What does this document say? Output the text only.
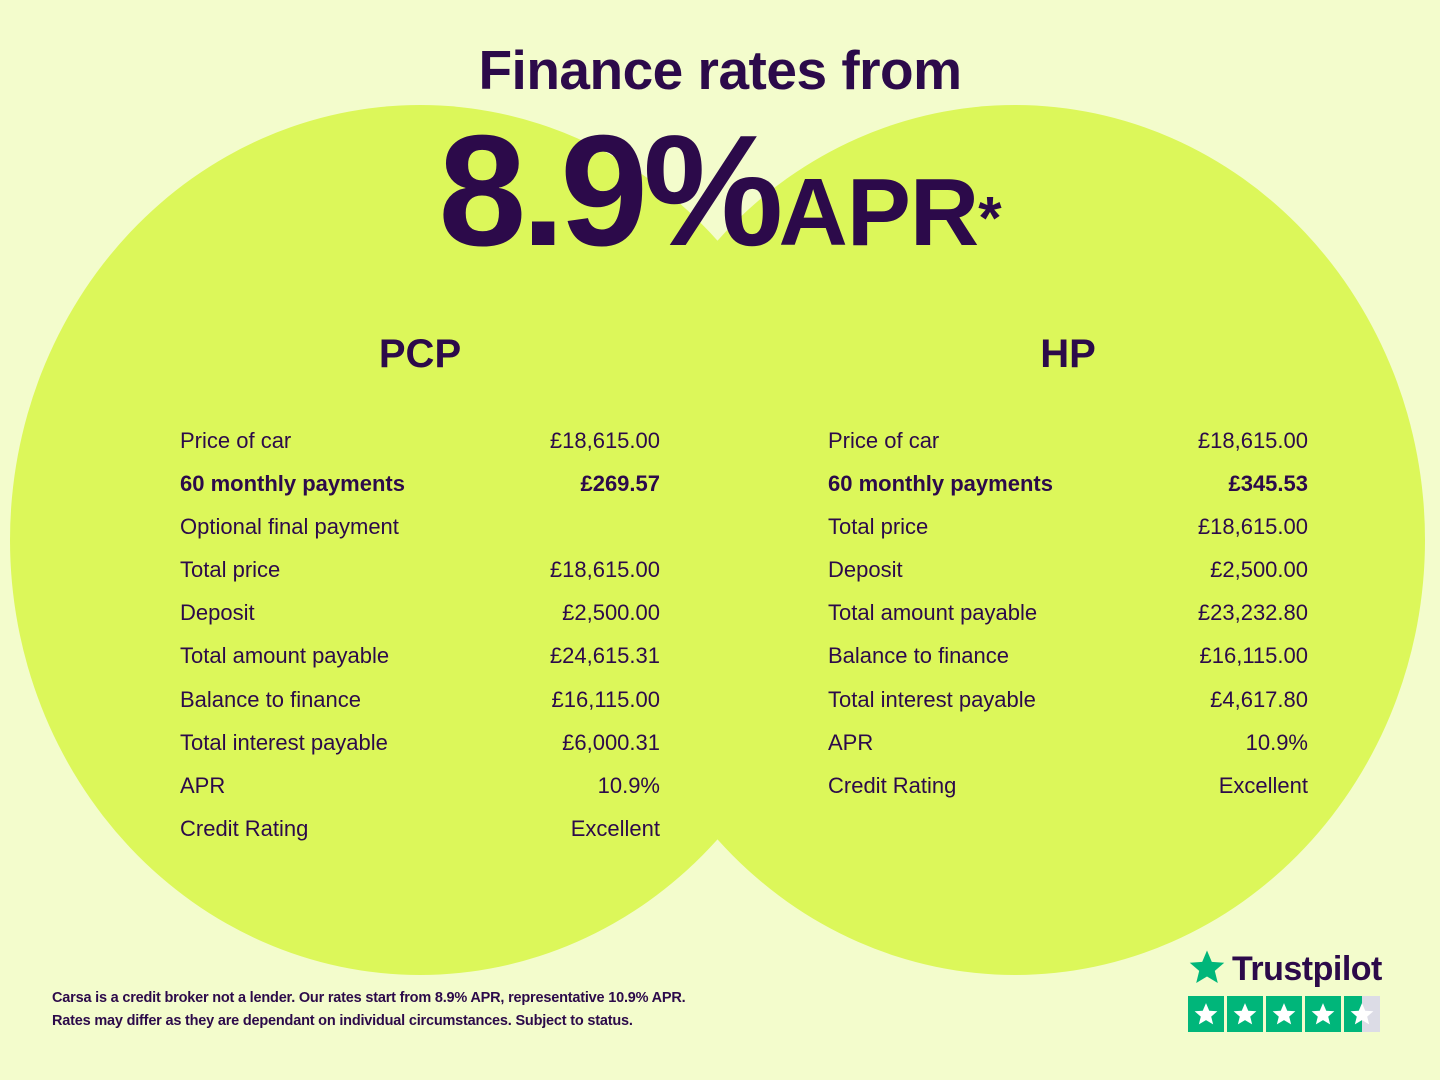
Finance rates from
8.9%APR*
PCP
Price of car	£18,615.00
60 monthly payments	£269.57
Optional final payment
Total price	£18,615.00
Deposit	£2,500.00
Total amount payable	£24,615.31
Balance to finance	£16,115.00
Total interest payable	£6,000.31
APR	10.9%
Credit Rating	Excellent
HP
Price of car	£18,615.00
60 monthly payments	£345.53
Total price	£18,615.00
Deposit	£2,500.00
Total amount payable	£23,232.80
Balance to finance	£16,115.00
Total interest payable	£4,617.80
APR	10.9%
Credit Rating	Excellent
Carsa is a credit broker not a lender. Our rates start from 8.9% APR, representative 10.9% APR.
Rates may differ as they are dependant on individual circumstances. Subject to status.
Trustpilot
